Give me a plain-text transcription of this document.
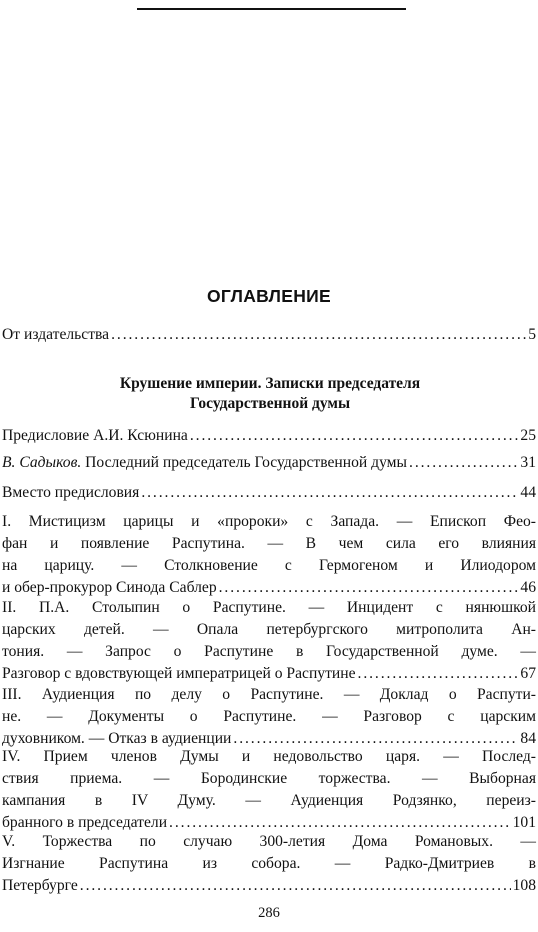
ОГЛАВЛЕНИЕ
От издательства . . .	5
Крушение империи. Записки председателя
Государственной думы
Предисловие А.И. Ксюнина . . .	25
В. Садыков. Последний председатель Государственной думы . . .	31
Вместо предисловия . . .	44
I. Мистицизм царицы и «пророки» с Запада. — Епископ Фео-
фан и появление Распутина. — В чем сила его влияния
на царицу. — Столкновение с Гермогеном и Илиодором
и обер-прокурор Синода Саблер . . .	46
II. П.А. Столыпин о Распутине. — Инцидент с нянюшкой
царских детей. — Опала петербургского митрополита Ан-
тония. — Запрос о Распутине в Государственной думе. —
Разговор с вдовствующей императрицей о Распутине . . .	67
III. Аудиенция по делу о Распутине. — Доклад о Распути-
не. — Документы о Распутине. — Разговор с царским
духовником. — Отказ в аудиенции . . .	84
IV. Прием членов Думы и недовольство царя. — Послед-
ствия приема. — Бородинские торжества. — Выборная
кампания в IV Думу. — Аудиенция Родзянко, переиз-
бранного в председатели . . .	101
V. Торжества по случаю 300-летия Дома Романовых. —
Изгнание Распутина из собора. — Радко-Дмитриев в
Петербурге . . .	108
286
